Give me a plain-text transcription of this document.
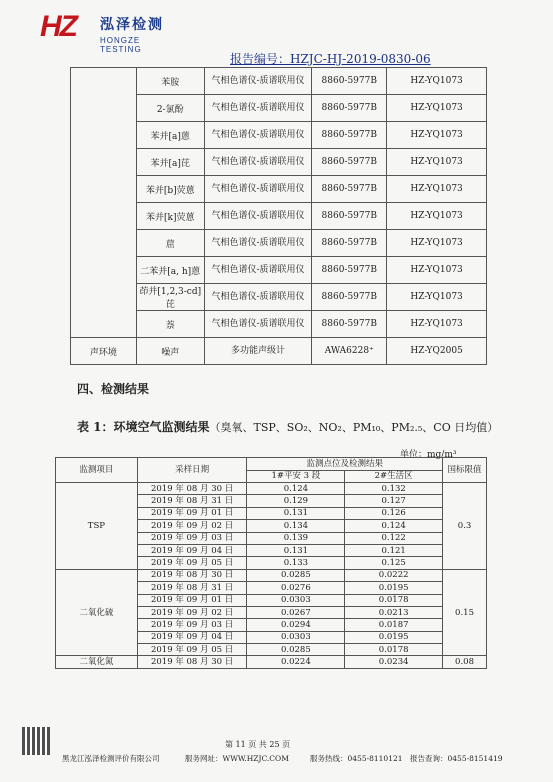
HZ 泓泽检测
HONGZE TESTING
报告编号：HZJC-HJ-2019-0830-06
	苯胺	气相色谱仪-质谱联用仪	8860-5977B	HZ-YQ1073
	2-氯酚	气相色谱仪-质谱联用仪	8860-5977B	HZ-YQ1073
	苯并[a]蒽	气相色谱仪-质谱联用仪	8860-5977B	HZ-YQ1073
	苯并[a]芘	气相色谱仪-质谱联用仪	8860-5977B	HZ-YQ1073
	苯并[b]荧蒽	气相色谱仪-质谱联用仪	8860-5977B	HZ-YQ1073
	苯并[k]荧蒽	气相色谱仪-质谱联用仪	8860-5977B	HZ-YQ1073
	䓛	气相色谱仪-质谱联用仪	8860-5977B	HZ-YQ1073
	二苯并[a, h]蒽	气相色谱仪-质谱联用仪	8860-5977B	HZ-YQ1073
	茚并[1,2,3-cd]芘	气相色谱仪-质谱联用仪	8860-5977B	HZ-YQ1073
	萘	气相色谱仪-质谱联用仪	8860-5977B	HZ-YQ1073
声环境	噪声	多功能声级计	AWA6228⁺	HZ-YQ2005
四、检测结果
表 1：环境空气监测结果（臭氧、TSP、SO₂、NO₂、PM₁₀、PM₂.₅、CO 日均值）
单位：mg/m³
监测项目	采样日期	监测点位及检测结果		国标限值
		1#平安 3 段	2#生活区	
TSP	2019 年 08 月 30 日	0.124	0.132	0.3
	2019 年 08 月 31 日	0.129	0.127	
	2019 年 09 月 01 日	0.131	0.126	
	2019 年 09 月 02 日	0.134	0.124	
	2019 年 09 月 03 日	0.139	0.122	
	2019 年 09 月 04 日	0.131	0.121	
	2019 年 09 月 05 日	0.133	0.125	
二氧化硫	2019 年 08 月 30 日	0.0285	0.0222	0.15
	2019 年 08 月 31 日	0.0276	0.0195	
	2019 年 09 月 01 日	0.0303	0.0178	
	2019 年 09 月 02 日	0.0267	0.0213	
	2019 年 09 月 03 日	0.0294	0.0187	
	2019 年 09 月 04 日	0.0303	0.0195	
	2019 年 09 月 05 日	0.0285	0.0178	
二氧化氮	2019 年 08 月 30 日	0.0224	0.0234	0.08
第 11 页 共 25 页
黑龙江泓泽检测评价有限公司	服务网址：WWW.HZJC.COM	服务热线：0455-8110121 报告查询：0455-8151419
